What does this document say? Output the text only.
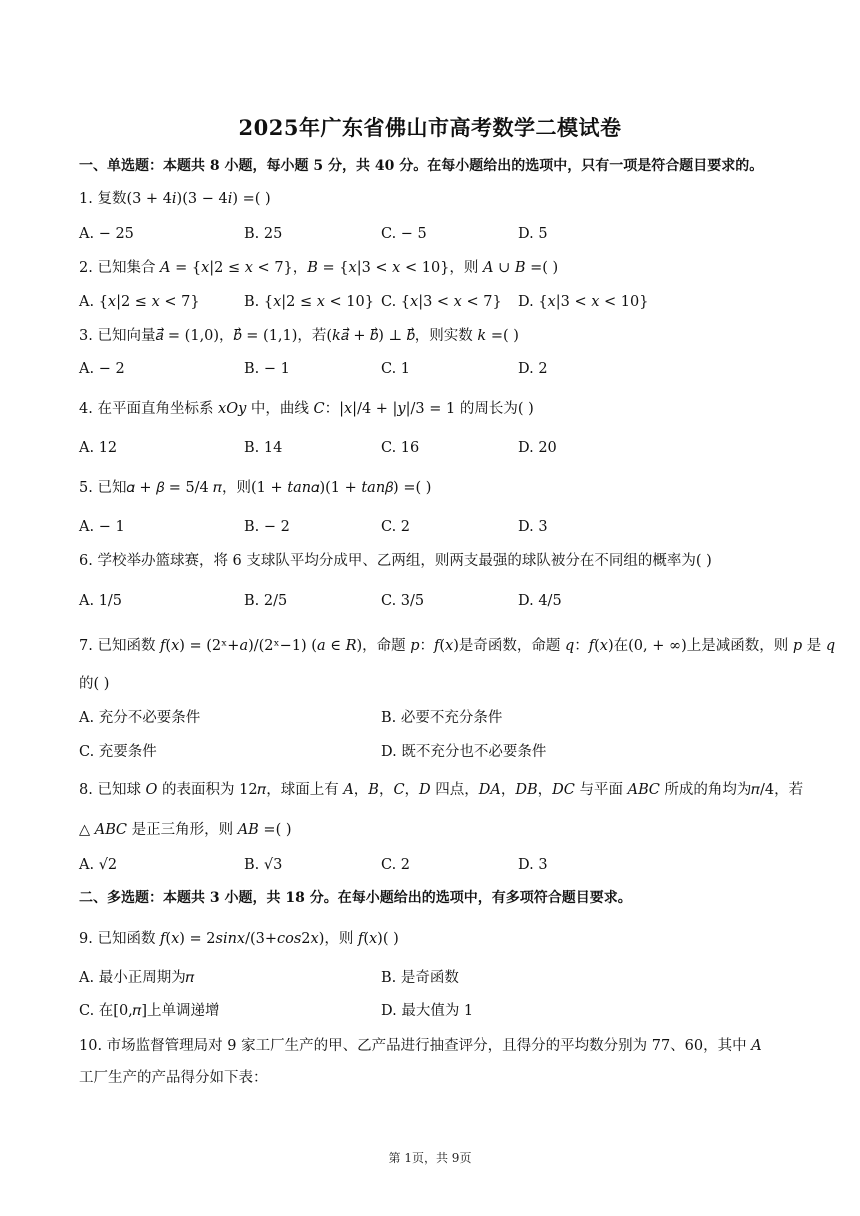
2025年广东省佛山市高考数学二模试卷
一、单选题：本题共 8 小题，每小题 5 分，共 40 分。在每小题给出的选项中，只有一项是符合题目要求的。
1. 复数(3 + 4𝑖)(3 − 4𝑖) =( )
A. − 25	B. 25	C. − 5	D. 5
2. 已知集合 𝐴 = {𝑥|2 ≤ 𝑥 < 7}，𝐵 = {𝑥|3 < 𝑥 < 10}，则 𝐴 ∪ 𝐵 =( )
A. {𝑥|2 ≤ 𝑥 < 7}	B. {𝑥|2 ≤ 𝑥 < 10} C. {𝑥|3 < 𝑥 < 7} D. {𝑥|3 < 𝑥 < 10}
3. 已知向量𝑎⃗ = (1,0)，𝑏⃗ = (1,1)，若(𝑘𝑎⃗ + 𝑏⃗) ⊥ 𝑏⃗，则实数 𝑘 =( )
A. − 2	B. − 1	C. 1	D. 2
4. 在平面直角坐标系 𝑥𝑂𝑦 中，曲线 𝐶：|𝑥|/4 + |𝑦|/3 = 1 的周长为( )
A. 12	B. 14	C. 16	D. 20
5. 已知𝛼 + 𝛽 = 5/4 𝜋，则(1 + 𝑡𝑎𝑛𝛼)(1 + 𝑡𝑎𝑛𝛽) =( )
A. − 1	B. − 2	C. 2	D. 3
6. 学校举办篮球赛，将 6 支球队平均分成甲、乙两组，则两支最强的球队被分在不同组的概率为( )
A. 1/5	B. 2/5	C. 3/5	D. 4/5
7. 已知函数 𝑓(𝑥) = (2ˣ+𝑎)/(2ˣ−1) (𝑎 ∈ 𝑅)，命题 𝑝：𝑓(𝑥)是奇函数，命题 𝑞：𝑓(𝑥)在(0, + ∞)上是减函数，则 𝑝 是 𝑞
的( )
A. 充分不必要条件	B. 必要不充分条件
C. 充要条件	D. 既不充分也不必要条件
8. 已知球 𝑂 的表面积为 12𝜋，球面上有 𝐴，𝐵，𝐶，𝐷 四点，𝐷𝐴，𝐷𝐵，𝐷𝐶 与平面 𝐴𝐵𝐶 所成的角均为𝜋/4，若
△ 𝐴𝐵𝐶 是正三角形，则 𝐴𝐵 =( )
A. √2	B. √3	C. 2	D. 3
二、多选题：本题共 3 小题，共 18 分。在每小题给出的选项中，有多项符合题目要求。
9. 已知函数 𝑓(𝑥) = 2𝑠𝑖𝑛𝑥/(3+𝑐𝑜𝑠2𝑥)，则 𝑓(𝑥)( )
A. 最小正周期为𝜋	B. 是奇函数
C. 在[0,𝜋]上单调递增	D. 最大值为 1
10. 市场监督管理局对 9 家工厂生产的甲、乙产品进行抽查评分，且得分的平均数分别为 77、60，其中 𝐴
工厂生产的产品得分如下表：
第 1页，共 9页
